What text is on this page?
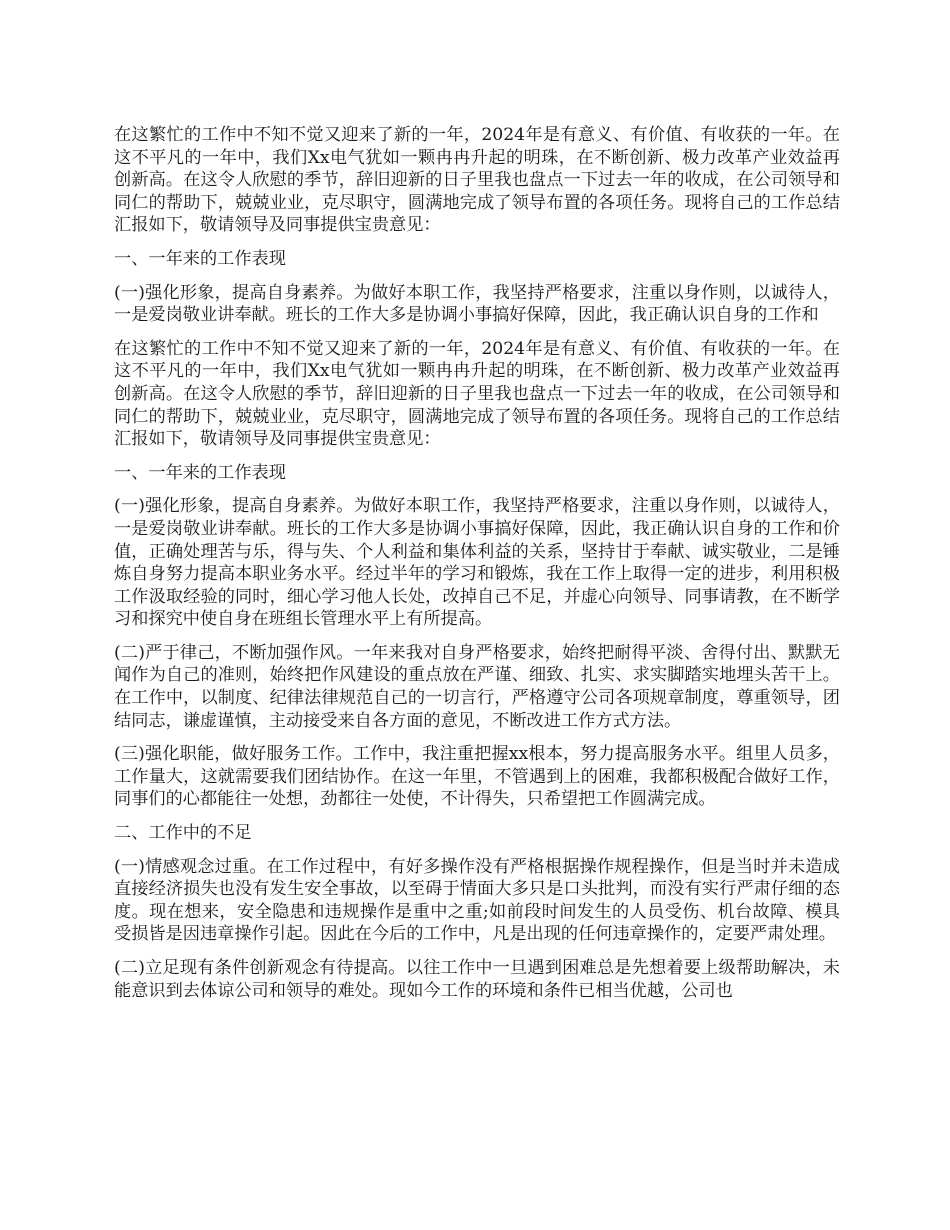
在这繁忙的工作中不知不觉又迎来了新的一年，2024年是有意义、有价值、有收获的一年。在这不平凡的一年中，我们Xx电气犹如一颗冉冉升起的明珠，在不断创新、极力改革产业效益再创新高。在这令人欣慰的季节，辞旧迎新的日子里我也盘点一下过去一年的收成，在公司领导和同仁的帮助下，兢兢业业，克尽职守，圆满地完成了领导布置的各项任务。现将自己的工作总结汇报如下，敬请领导及同事提供宝贵意见：

一、一年来的工作表现

(一)强化形象，提高自身素养。为做好本职工作，我坚持严格要求，注重以身作则，以诚待人，一是爱岗敬业讲奉献。班长的工作大多是协调小事搞好保障，因此，我正确认识自身的工作和

在这繁忙的工作中不知不觉又迎来了新的一年，2024年是有意义、有价值、有收获的一年。在这不平凡的一年中，我们Xx电气犹如一颗冉冉升起的明珠，在不断创新、极力改革产业效益再创新高。在这令人欣慰的季节，辞旧迎新的日子里我也盘点一下过去一年的收成，在公司领导和同仁的帮助下，兢兢业业，克尽职守，圆满地完成了领导布置的各项任务。现将自己的工作总结汇报如下，敬请领导及同事提供宝贵意见：

一、一年来的工作表现

(一)强化形象，提高自身素养。为做好本职工作，我坚持严格要求，注重以身作则，以诚待人，一是爱岗敬业讲奉献。班长的工作大多是协调小事搞好保障，因此，我正确认识自身的工作和价值，正确处理苦与乐，得与失、个人利益和集体利益的关系，坚持甘于奉献、诚实敬业，二是锤炼自身努力提高本职业务水平。经过半年的学习和锻炼，我在工作上取得一定的进步，利用积极工作汲取经验的同时，细心学习他人长处，改掉自己不足，并虚心向领导、同事请教，在不断学习和探究中使自身在班组长管理水平上有所提高。

(二)严于律己，不断加强作风。一年来我对自身严格要求，始终把耐得平淡、舍得付出、默默无闻作为自己的准则，始终把作风建设的重点放在严谨、细致、扎实、求实脚踏实地埋头苦干上。在工作中，以制度、纪律法律规范自己的一切言行，严格遵守公司各项规章制度，尊重领导，团结同志，谦虚谨慎，主动接受来自各方面的意见，不断改进工作方式方法。

(三)强化职能，做好服务工作。工作中，我注重把握xx根本，努力提高服务水平。组里人员多，工作量大，这就需要我们团结协作。在这一年里，不管遇到上的困难，我都积极配合做好工作，同事们的心都能往一处想，劲都往一处使，不计得失，只希望把工作圆满完成。

二、工作中的不足

(一)情感观念过重。在工作过程中，有好多操作没有严格根据操作规程操作，但是当时并未造成直接经济损失也没有发生安全事故，以至碍于情面大多只是口头批判，而没有实行严肃仔细的态度。现在想来，安全隐患和违规操作是重中之重;如前段时间发生的人员受伤、机台故障、模具受损皆是因违章操作引起。因此在今后的工作中，凡是出现的任何违章操作的，定要严肃处理。

(二)立足现有条件创新观念有待提高。以往工作中一旦遇到困难总是先想着要上级帮助解决，未能意识到去体谅公司和领导的难处。现如今工作的环境和条件已相当优越，公司也
